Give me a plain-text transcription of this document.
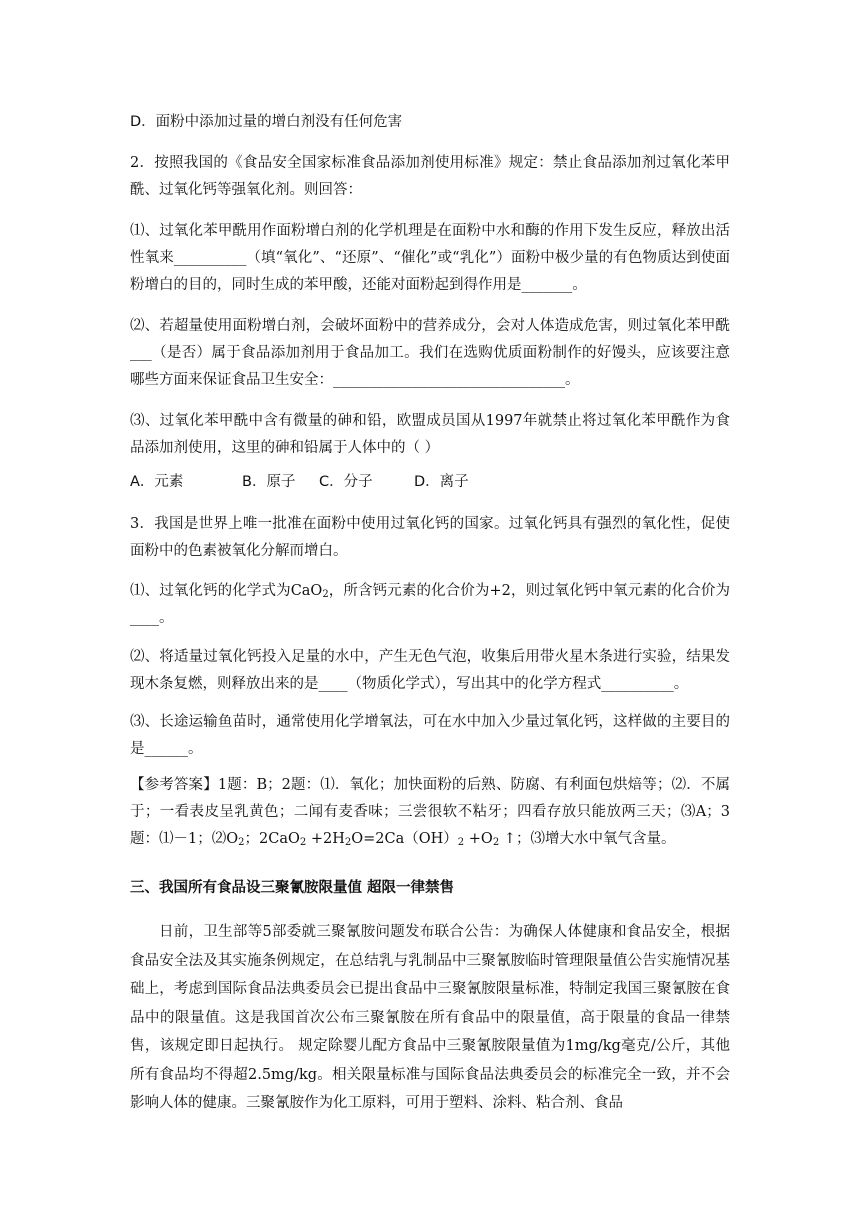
D．面粉中添加过量的增白剂没有任何危害

2．按照我国的《食品安全国家标准食品添加剂使用标准》规定：禁止食品添加剂过氧化苯甲酰、过氧化钙等强氧化剂。则回答：

⑴、过氧化苯甲酰用作面粉增白剂的化学机理是在面粉中水和酶的作用下发生反应，释放出活性氧来__________（填“氧化”、“还原”、“催化”或“乳化”）面粉中极少量的有色物质达到使面粉增白的目的，同时生成的苯甲酸，还能对面粉起到得作用是_______。

⑵、若超量使用面粉增白剂，会破坏面粉中的营养成分，会对人体造成危害，则过氧化苯甲酰___（是否）属于食品添加剂用于食品加工。我们在选购优质面粉制作的好馒头，应该要注意哪些方面来保证食品卫生安全：________________________________。

⑶、过氧化苯甲酰中含有微量的砷和铅，欧盟成员国从1997年就禁止将过氧化苯甲酰作为食品添加剂使用，这里的砷和铅属于人体中的（ ）

A．元素	B．原子 C．分子	D．离子

3．我国是世界上唯一批准在面粉中使用过氧化钙的国家。过氧化钙具有强烈的氧化性，促使面粉中的色素被氧化分解而增白。

⑴、过氧化钙的化学式为CaO$_2$，所含钙元素的化合价为+2，则过氧化钙中氧元素的化合价为____。

⑵、将适量过氧化钙投入足量的水中，产生无色气泡，收集后用带火星木条进行实验，结果发现木条复燃，则释放出来的是____（物质化学式），写出其中的化学方程式__________。

⑶、长途运输鱼苗时，通常使用化学增氧法，可在水中加入少量过氧化钙，这样做的主要目的是______。

【参考答案】1题：B；2题：⑴．氧化；加快面粉的后熟、防腐、有利面包烘焙等；⑵．不属于；一看表皮呈乳黄色；二闻有麦香味；三尝很软不粘牙；四看存放只能放两三天；⑶A；3题：⑴－1；$⑵O_2$；$2CaO_2 +2H_2O=2Ca(OH)_2 +O_2$ ↑；⑶增大水中氧气含量。

三、我国所有食品设三聚氰胺限量值 超限一律禁售

日前，卫生部等5部委就三聚氰胺问题发布联合公告：为确保人体健康和食品安全，根据食品安全法及其实施条例规定，在总结乳与乳制品中三聚氰胺临时管理限量值公告实施情况基础上，考虑到国际食品法典委员会已提出食品中三聚氰胺限量标准，特制定我国三聚氰胺在食品中的限量值。这是我国首次公布三聚氰胺在所有食品中的限量值，高于限量的食品一律禁售，该规定即日起执行。 规定除婴儿配方食品中三聚氰胺限量值为1mg/kg毫克/公斤，其他所有食品均不得超2.5mg/kg。相关限量标准与国际食品法典委员会的标准完全一致，并不会影响人体的健康。三聚氰胺作为化工原料，可用于塑料、涂料、粘合剂、食品
